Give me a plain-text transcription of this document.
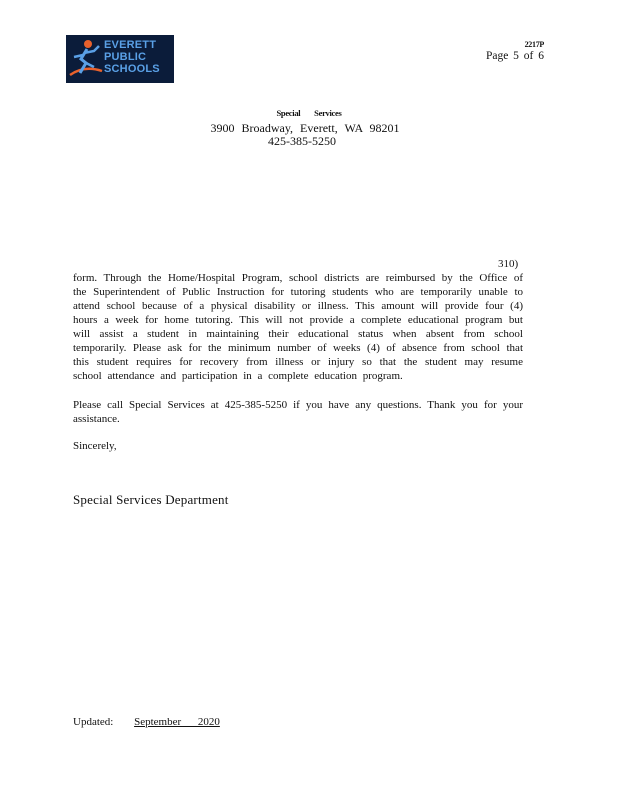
EVERETT
PUBLIC
SCHOOLS
2217P
Page 5 of 6
Special Services
3900 Broadway, Everett, WA 98201
425-385-5250
310)
form. Through the Home/Hospital Program, school districts are reimbursed by the Office of the Superintendent of Public Instruction for tutoring students who are temporarily unable to attend school because of a physical disability or illness. This amount will provide four (4) hours a week for home tutoring. This will not provide a complete educational program but will assist a student in maintaining their educational status when absent from school temporarily. Please ask for the minimum number of weeks (4) of absence from school that this student requires for recovery from illness or injury so that the student may resume school attendance and participation in a complete education program.
Please call Special Services at 425-385-5250 if you have any questions. Thank you for your assistance.
Sincerely,
Special Services Department
Updated: September 2020
